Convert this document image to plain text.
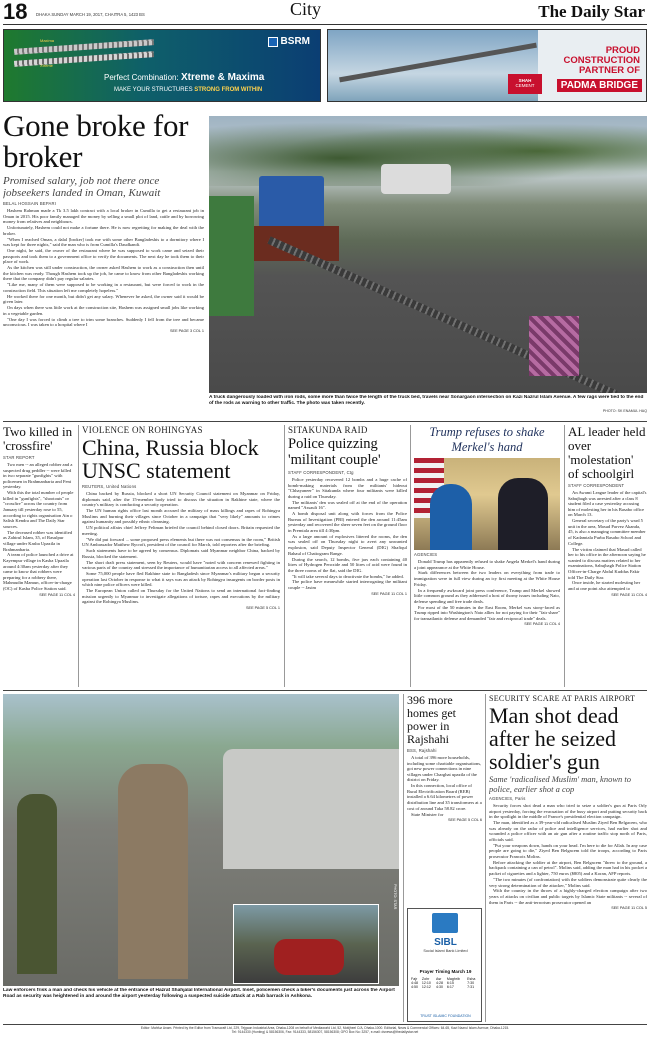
18 DHAKA SUNDAY MARCH 19, 2017, CHAITRA 5, 1423 BS	City	The Daily Star
Maxima
Xtreme
BSRM
Perfect Combination: Xtreme & Maxima
MAKE YOUR STRUCTURES STRONG FROM WITHIN
SHAH
CEMENT
PROUD
CONSTRUCTION
PARTNER OF
PADMA BRIDGE
Gone broke for broker
Promised salary, job not there once jobseekers landed in Oman, Kuwait
BELAL HOSSAIN BEPARI

Hashem Rahman made a Tk 3.5 lakh contract with a local broker in Cumilla to get a restaurant job in Oman in 2015. His poor family managed the money by selling a small plot of land, cattle and by borrowing money from relatives and neighbours.

Unfortunately, Hashem could not make a fortune there. He is now regretting for making the deal with the broker.

"When I reached Oman, a dalal [broker] took me with some other Bangladeshis to a dormitory where I was kept for three nights," said the man who is from Cumilla's Daudkandi.

One night, he said, the owner of the restaurant where he was supposed to work came and seized their passports and took them to a government office to verify the documents. The next day he took them to their place of work.

As the kitchen was still under construction, the owner asked Hashem to work as a construction then until the kitchen was ready. Though Hashem took up the job, he came to know from other Bangladeshis working there that the company didn't pay regular salaries.

"Like me, many of them were supposed to be working in a restaurant, but were forced to work in the construction field. This situation left me completely hopeless."

He worked there for one month, but didn't get any salary. Whenever he asked, the owner said it would be given later.

On days when there was little work at the construction site, Hashem was assigned small jobs like working in a vegetable garden.

"One day I was forced to climb a tree to trim some branches. Suddenly I fell from the tree and became unconscious. I was taken to a hospital where I

SEE PAGE 3 COL 1
A truck dangerously loaded with iron rods, some more than twice the length of the truck bed, travels near Sonargaon intersection on Kazi Nazrul Islam Avenue. A few rags were tied to the end of the rods as warning to other traffic. The photo was taken recently.
PHOTO: SK ENAMUL HAQ
Two killed in 'crossfire'
STAR REPORT

Two men -- an alleged robber and a suspected drug peddler -- were killed in two separate "gunfights" with policemen in Brahmanbaria and Feni yesterday.

With this the total number of people killed in "gunfights", "shootouts" or "crossfire" across the country from January till yesterday rose to 55, according to rights organisation Ain o Salish Kendra and The Daily Star sources.

The deceased robber was identified as Zahirul Islam, 35, of Rasulpur village under Kasba Upazila in Brahmanbaria.

A team of police launched a drive at Kayempur village in Kasba Upazila around 4:30am yesterday after they came to know that robbers were preparing for a robbery there, Mahmudin Mamun, officer-in-charge (OC) of Kasba Police Station said.

SEE PAGE 11 COL 4
VIOLENCE ON ROHINGYAS
China, Russia block UNSC statement
REUTERS, United Nations

China backed by Russia, blocked a short UN Security Council statement on Myanmar on Friday, diplomats said, after the 15-member body tried to discuss the situation in Rakhine state, where the country's military is conducting a security operation.

The UN human rights office last month accused the military of mass killings and rapes of Rohingya Muslims and burning their villages since October in a campaign that "very likely" amounts to crimes against humanity and possibly ethnic cleansing.

UN political affairs chief Jeffrey Feltman briefed the council behind closed doors. Britain requested the meeting.

"We did put forward ... some proposed press elements but there was not consensus in the room," British UN Ambassador Matthew Rycroft, president of the council for March, told reporters after the briefing.

Such statements have to be agreed by consensus. Diplomats said Myanmar neighbor China, backed by Russia, blocked the statement.

The short draft press statement, seen by Reuters, would have "noted with concern renewed fighting in various parts of the country and stressed the importance of humanitarian access to all affected areas."

Some 75,000 people have fled Rakhine state to Bangladesh since Myanmar's military began a security operation last October in response to what it says was an attack by Rohingya insurgents on border posts in which nine police officers were killed.

The European Union called on Thursday for the United Nations to send an international fact-finding mission urgently to Myanmar to investigate allegations of torture, rapes and executions by the military against the Rohingya Muslims.

SEE PAGE 5 COL 1
SITAKUNDA RAID
Police quizzing 'militant couple'
STAFF CORRESPONDENT, Ctg

Police yesterday recovered 12 bombs and a huge cache of bomb-making materials from the militants' hideout "Chhayaneer" in Sitakunda where four militants were killed during a raid on Thursday.

The militants' den was sealed off at the end of the operation named "Assault 16".

A bomb disposal unit along with forces from the Police Bureau of Investigation (PBI) entered the den around 11:45am yesterday and recovered the sheer seven feet on the ground floor in Premtala area till 4:30pm.

As a large amount of explosives littered the rooms, the den was sealed off on Thursday night to avert any unwanted explosion, said Deputy Inspector General (DIG) Shafiqul Bahaul of Chattogram Range.

During the search, 12 bombs, five jars each containing 40 litres of Hydrogen Peroxide and 50 litres of acid were found in the three rooms of the flat, said the DIG.

"It will take several days to deactivate the bombs," he added.

The police have meanwhile started interrogating the militant couple -- Jasim

SEE PAGE 11 COL 1
Trump refuses to shake
Merkel's hand
AGENCIES

Donald Trump has apparently refused to shake Angela Merkel's hand during a joint appearance at the White House.

Stark differences between the two leaders on everything from trade to immigration were in full view during an icy first meeting at the White House Friday.

In a frequently awkward joint press conference, Trump and Merkel showed little common ground as they addressed a host of thorny issues including Nato, defense spending and free trade deals.

For most of the 50 minutes in the East Room, Merkel was stony-faced as Trump ripped into Washington's Nato allies for not paying for their "fair share" for transatlantic defense and demanded "fair and reciprocal trade" deals.

SEE PAGE 11 COL 4
AL leader held over 'molestation' of schoolgirl
STAFF CORRESPONDENT

An Awami League leader of the capital's Sabujbagh was arrested after a class 8 student filed a case yesterday accusing him of molesting her in his Basabo office on March 13.

General secretary of the party's ward 5 unit in the area, Masud Parvez Akanda, 45, is also a managing committee member of Kadamtala Purba Basabo School and College.

The victim claimed that Masud called her to his office in the afternoon saying he wanted to discuss matters related to her examinations, Sabujbagh Police Station Officer-in-Charge Abdul Kuddus Fakir told The Daily Star.

Once inside, he started molesting her and at one point also attempted to

SEE PAGE 11 COL 4
PHOTO: STAR
Law enforcers frisk a man and check his vehicle at the entrance of Hazrat Shahjalal International Airport. Inset, policemen check a biker's documents just across the Airport Road as security was heightened in and around the airport yesterday following a suspected suicide attack at a Rab barrack in Ashkona.
396 more homes get power in Rajshahi
BSS, Rajshahi

A total of 396 more households, including some charitable organisations, got new power connections in nine villages under Charghat upazila of the district on Friday.

In this connection, local office of Rural Electrification Board (REB) installed a 6.64 kilometres of power distribution line and 35 transformers at a cost of around Taka 58.82 crore.

State Minister for

SEE PAGE 5 COL 6
SIBL
Social Islami Bank Limited
Prayer Timing March 19
Fajr	Zohr	Asr	Maghrib	Esha
4:48	12:10	4:28	6:15	7:30
4:50	12:12	4:30	6:17	7:31
TRUST ISLAMIC FOUNDATION
SECURITY SCARE AT PARIS AIRPORT
Man shot dead after he seized soldier's gun
Same 'radicalised Muslim' man, known to police, earlier shot a cop
AGENCIES, Paris

Security forces shot dead a man who tried to seize a soldier's gun at Paris Orly airport yesterday, forcing the evacuation of the busy airport and putting security back in the spotlight in the middle of France's presidential election campaign.

The man, identified as a 39-year-old radicalised Muslim Ziyed Ben Belgacem, who was already on the radar of police and intelligence services, had earlier shot and wounded a police officer with an air gun after a routine traffic stop north of Paris, officials said.

"Put your weapons down, hands on your head. I'm here to die for Allah. In any case people are going to die," Ziyed Ben Belgacem told the troops, according to Paris prosecutor Francois Molins.

Before attacking the soldier at the airport, Ben Belgacem "threw to the ground, a backpack containing a can of petrol". Molins said, adding the man had in his pocket a packet of cigarettes and a lighter, 750 euros ($805) and a Koran, AFP reports.

"The two minutes (of confrontation) with the soldiers demonstrate quite clearly the very strong determination of the attacker," Molins said.

With the country in the throes of a highly-charged election campaign after two years of attacks on civilian and public targets by Islamic State militants -- several of them in Paris -- the anti-terrorism prosecutor opened an

SEE PAGE 11 COL 5
Editor: Mahfuz Anam. Printed by the Editor from Transcraft Ltd, 229, Tejgaon Industrial Area, Dhaka-1208 on behalf of Mediaworld Ltd, 52, Motijheel C/A, Dhaka-1000. Editorial, News & Commercial Offices: 64-65, Kazi Nazrul Islam Avenue, Dhaka-1215.
Tel: 9144330 (Hunting) & 58156306, Fax: 9144333, 58156307, 58156308; GPO Box No: 3257, e-mail: dsnews@thedailystar.net
